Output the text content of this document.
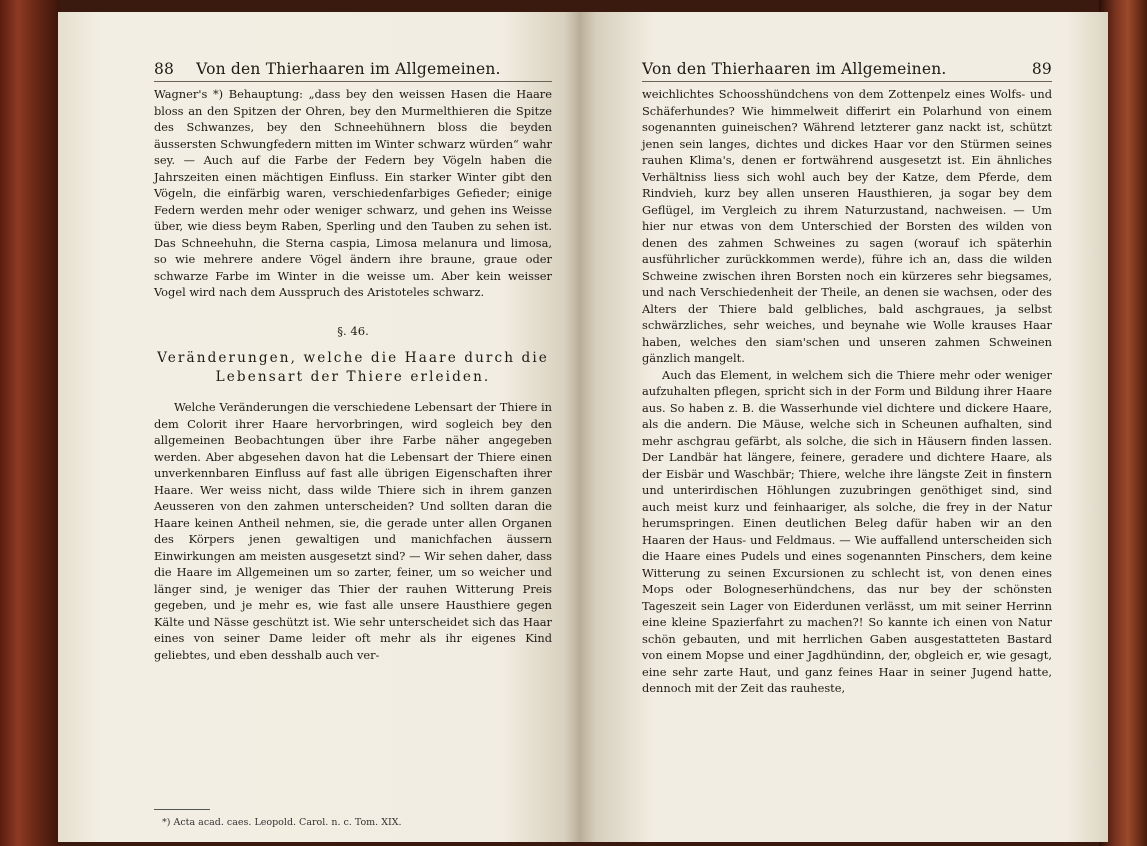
88 Von den Thierhaaren im Allgemeinen.

Wagner's *) Behauptung: „dass bey den weissen Hasen die Haare bloss an den Spitzen der Ohren, bey den Murmelthieren die Spitze des Schwanzes, bey den Schneehühnern bloss die beyden äussersten Schwungfedern mitten im Winter schwarz würden“ wahr sey. — Auch auf die Farbe der Federn bey Vögeln haben die Jahrszeiten einen mächtigen Einfluss. Ein starker Winter gibt den Vögeln, die einfärbig waren, verschiedenfarbiges Gefieder; einige Federn werden mehr oder weniger schwarz, und gehen ins Weisse über, wie diess beym Raben, Sperling und den Tauben zu sehen ist. Das Schneehuhn, die Sterna caspia, Limosa melanura und limosa, so wie mehrere andere Vögel ändern ihre braune, graue oder schwarze Farbe im Winter in die weisse um. Aber kein weisser Vogel wird nach dem Ausspruch des Aristoteles schwarz.

§. 46.
Veränderungen, welche die Haare durch die Lebensart der Thiere erleiden.

Welche Veränderungen die verschiedene Lebensart der Thiere in dem Colorit ihrer Haare hervorbringen, wird sogleich bey den allgemeinen Beobachtungen über ihre Farbe näher angegeben werden. Aber abgesehen davon hat die Lebensart der Thiere einen unverkennbaren Einfluss auf fast alle übrigen Eigenschaften ihrer Haare. Wer weiss nicht, dass wilde Thiere sich in ihrem ganzen Aeusseren von den zahmen unterscheiden? Und sollten daran die Haare keinen Antheil nehmen, sie, die gerade unter allen Organen des Körpers jenen gewaltigen und manichfachen äussern Einwirkungen am meisten ausgesetzt sind? — Wir sehen daher, dass die Haare im Allgemeinen um so zarter, feiner, um so weicher und länger sind, je weniger das Thier der rauhen Witterung Preis gegeben, und je mehr es, wie fast alle unsere Hausthiere gegen Kälte und Nässe geschützt ist. Wie sehr unterscheidet sich das Haar eines von seiner Dame leider oft mehr als ihr eigenes Kind geliebtes, und eben desshalb auch ver-

*) Acta acad. caes. Leopold. Carol. n. c. Tom. XIX.
Von den Thierhaaren im Allgemeinen.	89

weichlichtes Schoosshündchens von dem Zottenpelz eines Wolfs- und Schäferhundes? Wie himmelweit differirt ein Polarhund von einem sogenannten guineischen? Während letzterer ganz nackt ist, schützt jenen sein langes, dichtes und dickes Haar vor den Stürmen seines rauhen Klima's, denen er fortwährend ausgesetzt ist. Ein ähnliches Verhältniss liess sich wohl auch bey der Katze, dem Pferde, dem Rindvieh, kurz bey allen unseren Hausthieren, ja sogar bey dem Geflügel, im Vergleich zu ihrem Naturzustand, nachweisen. — Um hier nur etwas von dem Unterschied der Borsten des wilden von denen des zahmen Schweines zu sagen (worauf ich späterhin ausführlicher zurückkommen werde), führe ich an, dass die wilden Schweine zwischen ihren Borsten noch ein kürzeres sehr biegsames, und nach Verschiedenheit der Theile, an denen sie wachsen, oder des Alters der Thiere bald gelbliches, bald aschgraues, ja selbst schwärzliches, sehr weiches, und beynahe wie Wolle krauses Haar haben, welches den siam'schen und unseren zahmen Schweinen gänzlich mangelt.

Auch das Element, in welchem sich die Thiere mehr oder weniger aufzuhalten pflegen, spricht sich in der Form und Bildung ihrer Haare aus. So haben z. B. die Wasserhunde viel dichtere und dickere Haare, als die andern. Die Mäuse, welche sich in Scheunen aufhalten, sind mehr aschgrau gefärbt, als solche, die sich in Häusern finden lassen. Der Landbär hat längere, feinere, geradere und dichtere Haare, als der Eisbär und Waschbär; Thiere, welche ihre längste Zeit in finstern und unterirdischen Höhlungen zuzubringen genöthiget sind, sind auch meist kurz und feinhaariger, als solche, die frey in der Natur herumspringen. Einen deutlichen Beleg dafür haben wir an den Haaren der Haus- und Feldmaus. — Wie auffallend unterscheiden sich die Haare eines Pudels und eines sogenannten Pinschers, dem keine Witterung zu seinen Excursionen zu schlecht ist, von denen eines Mops oder Bologneserhündchens, das nur bey der schönsten Tageszeit sein Lager von Eiderdunen verlässt, um mit seiner Herrinn eine kleine Spazierfahrt zu machen?! So kannte ich einen von Natur schön gebauten, und mit herrlichen Gaben ausgestatteten Bastard von einem Mopse und einer Jagdhündinn, der, obgleich er, wie gesagt, eine sehr zarte Haut, und ganz feines Haar in seiner Jugend hatte, dennoch mit der Zeit das rauheste,
